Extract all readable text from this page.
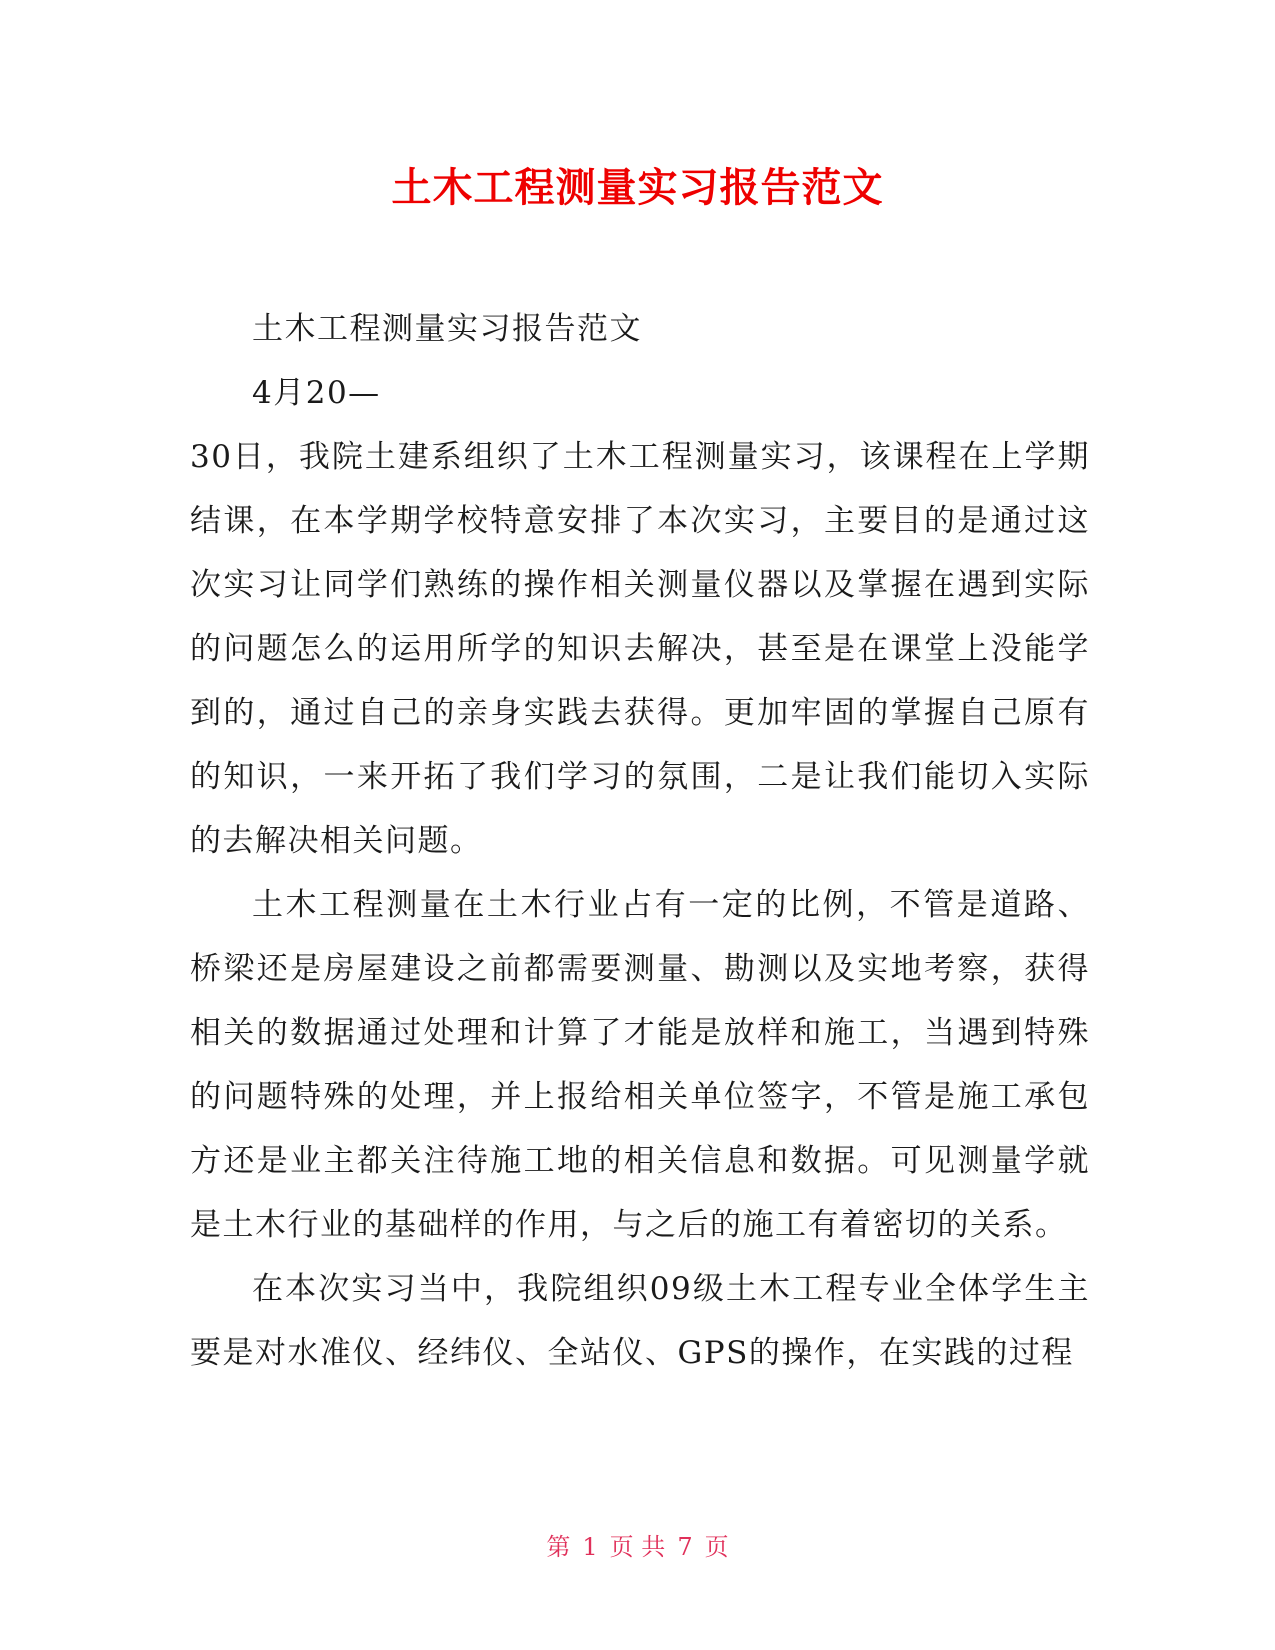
土木工程测量实习报告范文

土木工程测量实习报告范文

4月20—

30日，我院土建系组织了土木工程测量实习，该课程在上学期结课，在本学期学校特意安排了本次实习，主要目的是通过这次实习让同学们熟练的操作相关测量仪器以及掌握在遇到实际的问题怎么的运用所学的知识去解决，甚至是在课堂上没能学到的，通过自己的亲身实践去获得。更加牢固的掌握自己原有的知识，一来开拓了我们学习的氛围，二是让我们能切入实际的去解决相关问题。

土木工程测量在土木行业占有一定的比例，不管是道路、桥梁还是房屋建设之前都需要测量、勘测以及实地考察，获得相关的数据通过处理和计算了才能是放样和施工，当遇到特殊的问题特殊的处理，并上报给相关单位签字，不管是施工承包方还是业主都关注待施工地的相关信息和数据。可见测量学就是土木行业的基础样的作用，与之后的施工有着密切的关系。

在本次实习当中，我院组织09级土木工程专业全体学生主要是对水准仪、经纬仪、全站仪、GPS的操作，在实践的过程

第 1 页 共 7 页
